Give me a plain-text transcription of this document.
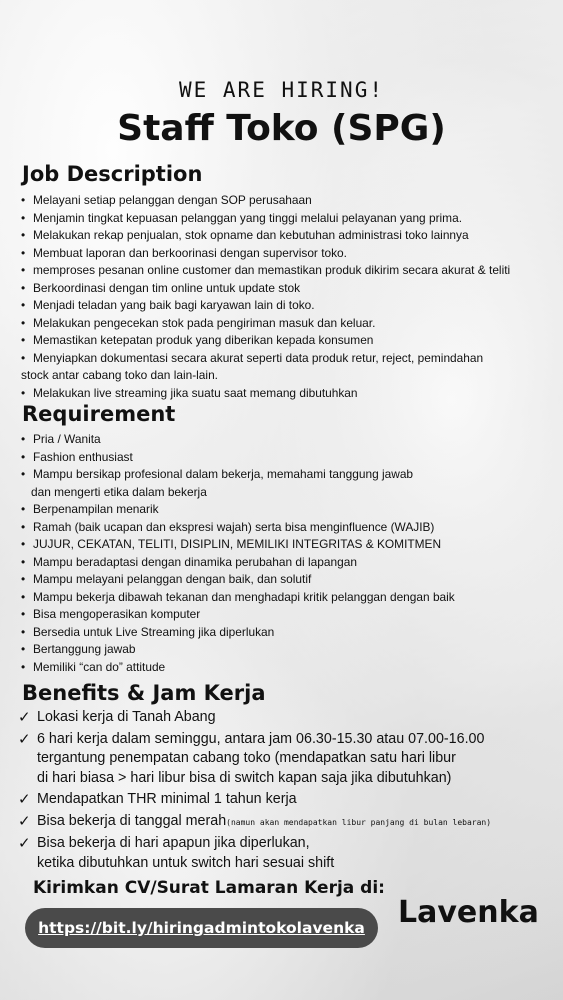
WE ARE HIRING!
Staff Toko (SPG)
Job Description
• Melayani setiap pelanggan dengan SOP perusahaan
• Menjamin tingkat kepuasan pelanggan yang tinggi melalui pelayanan yang prima.
• Melakukan rekap penjualan, stok opname dan kebutuhan administrasi toko lainnya
• Membuat laporan dan berkoorinasi dengan supervisor toko.
• memproses pesanan online customer dan memastikan produk dikirim secara akurat & teliti
• Berkoordinasi dengan tim online untuk update stok
• Menjadi teladan yang baik bagi karyawan lain di toko.
• Melakukan pengecekan stok pada pengiriman masuk dan keluar.
• Memastikan ketepatan produk yang diberikan kepada konsumen
• Menyiapkan dokumentasi secara akurat seperti data produk retur, reject, pemindahan
stock antar cabang toko dan lain-lain.
• Melakukan live streaming jika suatu saat memang dibutuhkan
Requirement
• Pria / Wanita
• Fashion enthusiast
• Mampu bersikap profesional dalam bekerja, memahami tanggung jawab
dan mengerti etika dalam bekerja
• Berpenampilan menarik
• Ramah (baik ucapan dan ekspresi wajah) serta bisa menginfluence (WAJIB)
• JUJUR, CEKATAN, TELITI, DISIPLIN, MEMILIKI INTEGRITAS & KOMITMEN
• Mampu beradaptasi dengan dinamika perubahan di lapangan
• Mampu melayani pelanggan dengan baik, dan solutif
• Mampu bekerja dibawah tekanan dan menghadapi kritik pelanggan dengan baik
• Bisa mengoperasikan komputer
• Bersedia untuk Live Streaming jika diperlukan
• Bertanggung jawab
• Memiliki “can do” attitude
Benefits & Jam Kerja
✓ Lokasi kerja di Tanah Abang
✓ 6 hari kerja dalam seminggu, antara jam 06.30-15.30 atau 07.00-16.00
tergantung penempatan cabang toko (mendapatkan satu hari libur
di hari biasa > hari libur bisa di switch kapan saja jika dibutuhkan)
✓ Mendapatkan THR minimal 1 tahun kerja
✓ Bisa bekerja di tanggal merah(namun akan mendapatkan libur panjang di bulan lebaran)
✓ Bisa bekerja di hari apapun jika diperlukan,
ketika dibutuhkan untuk switch hari sesuai shift
Kirimkan CV/Surat Lamaran Kerja di:
https://bit.ly/hiringadmintokolavenka	Lavenka
